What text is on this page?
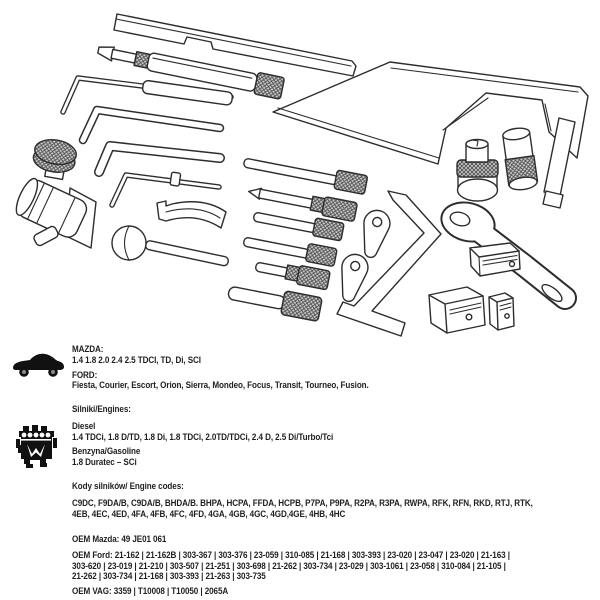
MAZDA:
1.4 1.8 2.0 2.4 2.5 TDCI, TD, Di, SCI
FORD:
Fiesta, Courier, Escort, Orion, Sierra, Mondeo, Focus, Transit, Tourneo, Fusion.
Silniki/Engines:
Diesel
1.4 TDCi, 1.8 D/TD, 1.8 Di, 1.8 TDCi, 2.0TD/TDCi, 2.4 D, 2.5 Di/Turbo/Tci
Benzyna/Gasoline
1.8 Duratec – SCi
Kody silników/ Engine codes:
C9DC, F9DA/B, C9DA/B, BHDA/B. BHPA, HCPA, FFDA, HCPB, P7PA, P9PA, R2PA, R3PA, RWPA, RFK, RFN, RKD, RTJ, RTK,
4EB, 4EC, 4ED, 4FA, 4FB, 4FC, 4FD, 4GA, 4GB, 4GC, 4GD,4GE, 4HB, 4HC
OEM Mazda: 49 JE01 061
OEM Ford: 21-162 | 21-162B | 303-367 | 303-376 | 23-059 | 310-085 | 21-168 | 303-393 | 23-020 | 23-047 | 23-020 | 21-163 |
303-620 | 23-019 | 21-210 | 303-507 | 21-251 | 303-698 | 21-262 | 303-734 | 23-029 | 303-1061 | 23-058 | 310-084 | 21-105 |
21-262 | 303-734 | 21-168 | 303-393 | 21-263 | 303-735
OEM VAG: 3359 | T10008 | T10050 | 2065A
